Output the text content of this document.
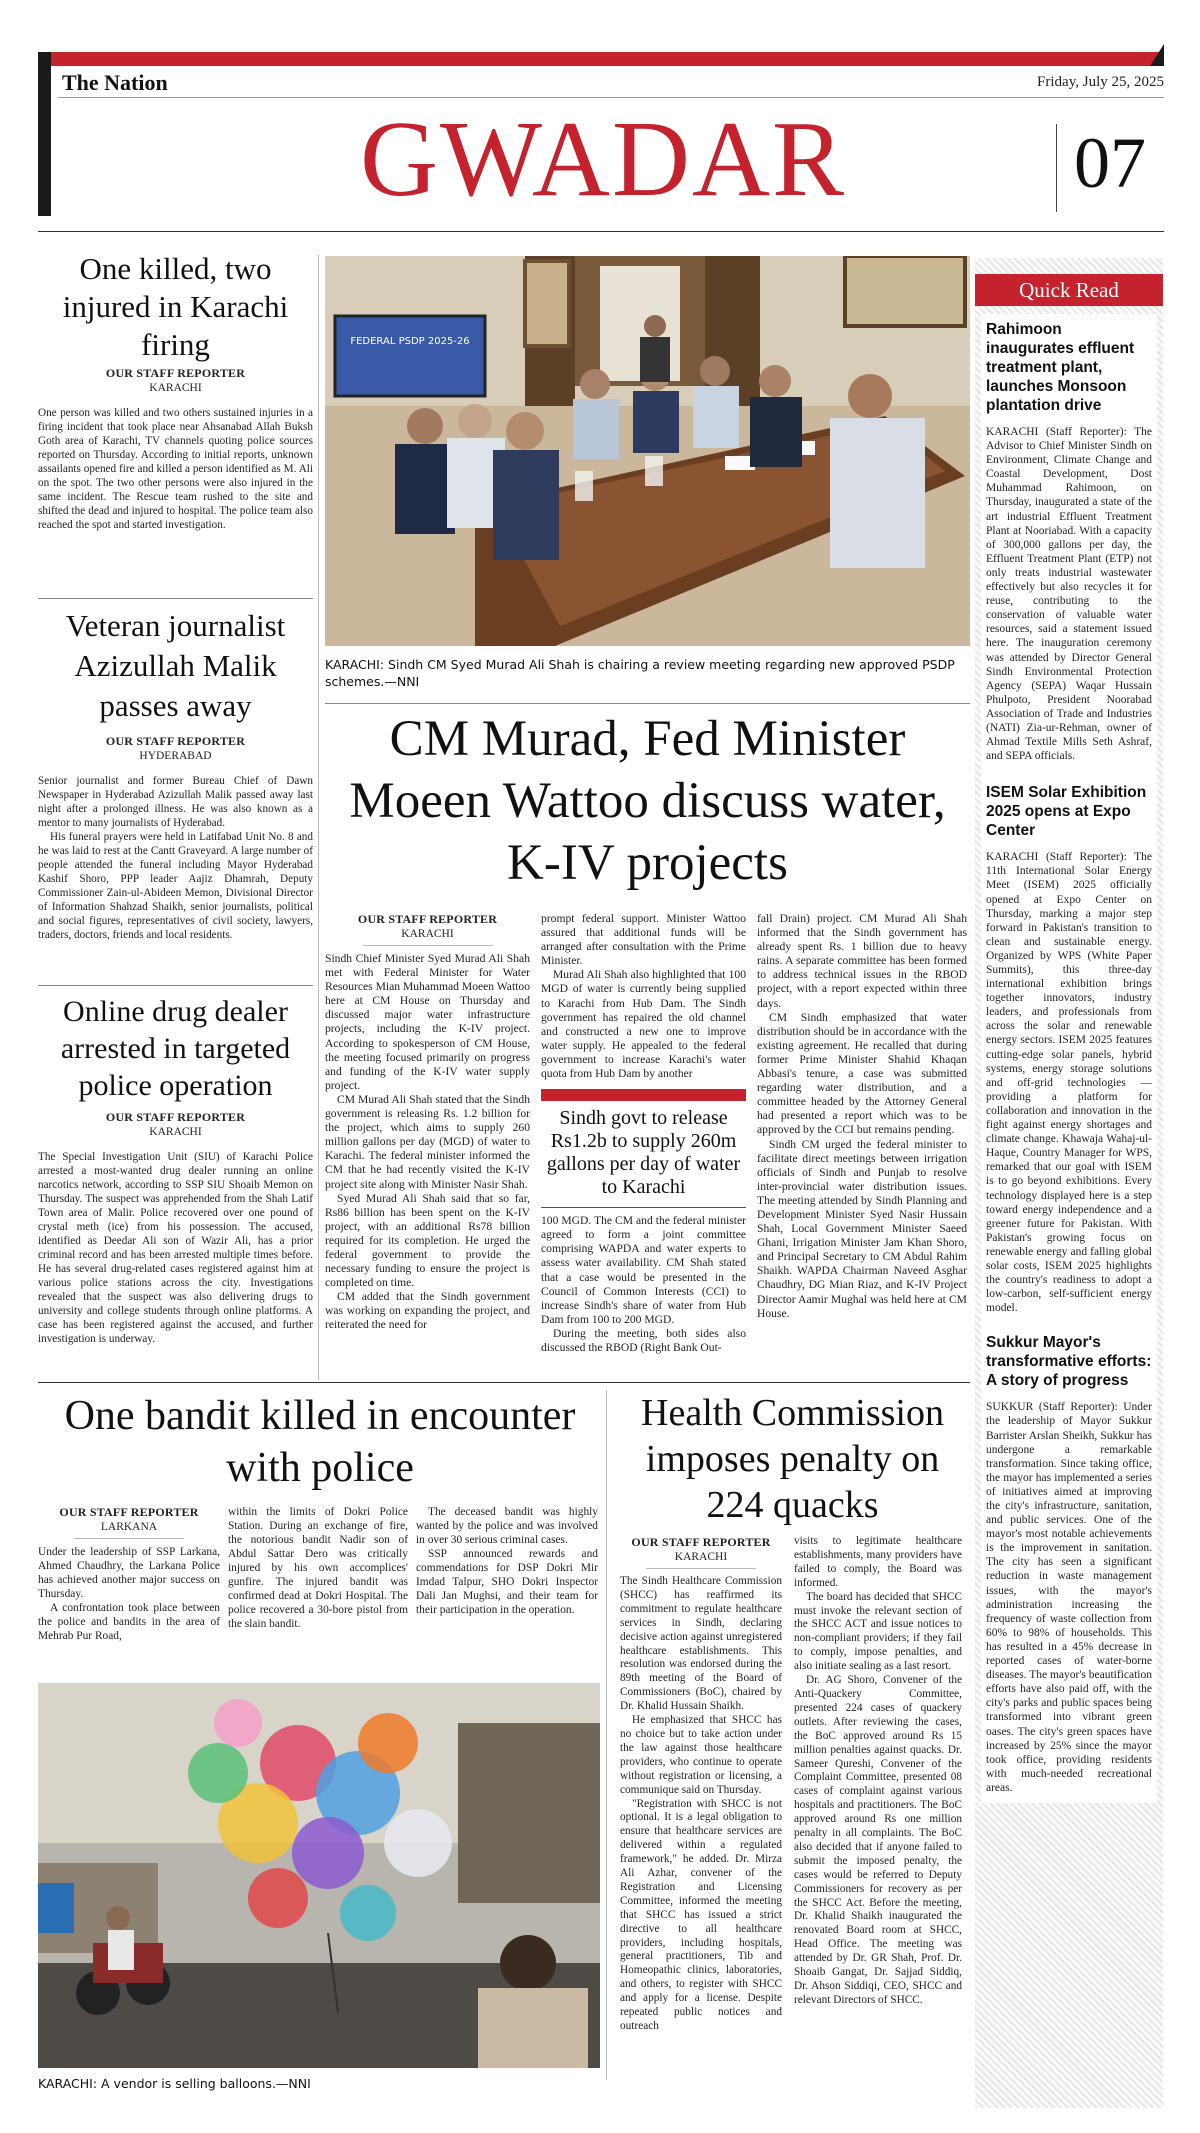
The Nation	Friday, July 25, 2025
GWADAR	07
One killed, two injured in Karachi firing
OUR STAFF REPORTER
KARACHI

One person was killed and two others sustained injuries in a firing incident that took place near Ahsanabad Allah Buksh Goth area of Karachi, TV channels quoting police sources reported on Thursday. According to initial reports, unknown assailants opened fire and killed a person identified as M. Ali on the spot. The two other persons were also injured in the same incident. The Rescue team rushed to the site and shifted the dead and injured to hospital. The police team also reached the spot and started investigation.

Veteran journalist Azizullah Malik passes away
OUR STAFF REPORTER
HYDERABAD

Senior journalist and former Bureau Chief of Dawn Newspaper in Hyderabad Azizullah Malik passed away last night after a prolonged illness. He was also known as a mentor to many journalists of Hyderabad.

His funeral prayers were held in Latifabad Unit No. 8 and he was laid to rest at the Cantt Graveyard. A large number of people attended the funeral including Mayor Hyderabad Kashif Shoro, PPP leader Aajiz Dhamrah, Deputy Commissioner Zain-ul-Abideen Memon, Divisional Director of Information Shahzad Shaikh, senior journalists, political and social figures, representatives of civil society, lawyers, traders, doctors, friends and local residents.

Online drug dealer arrested in targeted police operation
OUR STAFF REPORTER
KARACHI

The Special Investigation Unit (SIU) of Karachi Police arrested a most-wanted drug dealer running an online narcotics network, according to SSP SIU Shoaib Memon on Thursday. The suspect was apprehended from the Shah Latif Town area of Malir. Police recovered over one pound of crystal meth (ice) from his possession. The accused, identified as Deedar Ali son of Wazir Ali, has a prior criminal record and has been arrested multiple times before. He has several drug-related cases registered against him at various police stations across the city. Investigations revealed that the suspect was also delivering drugs to university and college students through online platforms. A case has been registered against the accused, and further investigation is underway.

FEDERAL PSDP 2025-26
KARACHI: Sindh CM Syed Murad Ali Shah is chairing a review meeting regarding new approved PSDP schemes.—NNI
CM Murad, Fed Minister Moeen Wattoo discuss water, K-IV projects
OUR STAFF REPORTER
KARACHI

Sindh Chief Minister Syed Murad Ali Shah met with Federal Minister for Water Resources Mian Muhammad Moeen Wattoo here at CM House on Thursday and discussed major water infrastructure projects, including the K-IV project. According to spokesperson of CM House, the meeting focused primarily on progress and funding of the K-IV water supply project.

CM Murad Ali Shah stated that the Sindh government is releasing Rs. 1.2 billion for the project, which aims to supply 260 million gallons per day (MGD) of water to Karachi. The federal minister informed the CM that he had recently visited the K-IV project site along with Minister Nasir Shah.

Syed Murad Ali Shah said that so far, Rs86 billion has been spent on the K-IV project, with an additional Rs78 billion required for its completion. He urged the federal government to provide the necessary funding to ensure the project is completed on time.

CM added that the Sindh government was working on expanding the project, and reiterated the need for

prompt federal support. Minister Wattoo assured that additional funds will be arranged after consultation with the Prime Minister.

Murad Ali Shah also highlighted that 100 MGD of water is currently being supplied to Karachi from Hub Dam. The Sindh government has repaired the old channel and constructed a new one to improve water supply. He appealed to the federal government to increase Karachi's water quota from Hub Dam by another

Sindh govt to release Rs1.2b to supply 260m gallons per day of water to Karachi

100 MGD. The CM and the federal minister agreed to form a joint committee comprising WAPDA and water experts to assess water availability. CM Shah stated that a case would be presented in the Council of Common Interests (CCI) to increase Sindh's share of water from Hub Dam from 100 to 200 MGD.

During the meeting, both sides also discussed the RBOD (Right Bank Out-

fall Drain) project. CM Murad Ali Shah informed that the Sindh government has already spent Rs. 1 billion due to heavy rains. A separate committee has been formed to address technical issues in the RBOD project, with a report expected within three days.

CM Sindh emphasized that water distribution should be in accordance with the existing agreement. He recalled that during former Prime Minister Shahid Khaqan Abbasi's tenure, a case was submitted regarding water distribution, and a committee headed by the Attorney General had presented a report which was to be approved by the CCI but remains pending.

Sindh CM urged the federal minister to facilitate direct meetings between irrigation officials of Sindh and Punjab to resolve inter-provincial water distribution issues. The meeting attended by Sindh Planning and Development Minister Syed Nasir Hussain Shah, Local Government Minister Saeed Ghani, Irrigation Minister Jam Khan Shoro, and Principal Secretary to CM Abdul Rahim Shaikh. WAPDA Chairman Naveed Asghar Chaudhry, DG Mian Riaz, and K-IV Project Director Aamir Mughal was held here at CM House.

One bandit killed in encounter with police
OUR STAFF REPORTER
LARKANA

Under the leadership of SSP Larkana, Ahmed Chaudhry, the Larkana Police has achieved another major success on Thursday.

A confrontation took place between the police and bandits in the area of Mehrab Pur Road,

within the limits of Dokri Police Station. During an exchange of fire, the notorious bandit Nadir son of Abdul Sattar Dero was critically injured by his own accomplices' gunfire. The injured bandit was confirmed dead at Dokri Hospital. The police recovered a 30-bore pistol from the slain bandit.

The deceased bandit was highly wanted by the police and was involved in over 30 serious criminal cases.

SSP announced rewards and commendations for DSP Dokri Mir Imdad Talpur, SHO Dokri Inspector Dali Jan Mughsi, and their team for their participation in the operation.

KARACHI: A vendor is selling balloons.—NNI
Health Commission imposes penalty on 224 quacks
OUR STAFF REPORTER
KARACHI

The Sindh Healthcare Commission (SHCC) has reaffirmed its commitment to regulate healthcare services in Sindh, declaring decisive action against unregistered healthcare establishments. This resolution was endorsed during the 89th meeting of the Board of Commissioners (BoC), chaired by Dr. Khalid Hussain Shaikh.

He emphasized that SHCC has no choice but to take action under the law against those healthcare providers, who continue to operate without registration or licensing, a communique said on Thursday.

"Registration with SHCC is not optional. It is a legal obligation to ensure that healthcare services are delivered within a regulated framework," he added. Dr. Mirza Ali Azhar, convener of the Registration and Licensing Committee, informed the meeting that SHCC has issued a strict directive to all healthcare providers, including hospitals, general practitioners, Tib and Homeopathic clinics, laboratories, and others, to register with SHCC and apply for a license. Despite repeated public notices and outreach

visits to legitimate healthcare establishments, many providers have failed to comply, the Board was informed.

The board has decided that SHCC must invoke the relevant section of the SHCC ACT and issue notices to non-compliant providers; if they fail to comply, impose penalties, and also initiate sealing as a last resort.

Dr. AG Shoro, Convener of the Anti-Quackery Committee, presented 224 cases of quackery outlets. After reviewing the cases, the BoC approved around Rs 15 million penalties against quacks. Dr. Sameer Qureshi, Convener of the Complaint Committee, presented 08 cases of complaint against various hospitals and practitioners. The BoC approved around Rs one million penalty in all complaints. The BoC also decided that if anyone failed to submit the imposed penalty, the cases would be referred to Deputy Commissioners for recovery as per the SHCC Act. Before the meeting, Dr. Khalid Shaikh inaugurated the renovated Board room at SHCC, Head Office. The meeting was attended by Dr. GR Shah, Prof. Dr. Shoaib Gangat, Dr. Sajjad Siddiq, Dr. Ahson Siddiqi, CEO, SHCC and relevant Directors of SHCC.

Quick Read
Rahimoon inaugurates effluent treatment plant, launches Monsoon plantation drive
KARACHI (Staff Reporter): The Advisor to Chief Minister Sindh on Environment, Climate Change and Coastal Development, Dost Muhammad Rahimoon, on Thursday, inaugurated a state of the art industrial Effluent Treatment Plant at Nooriabad. With a capacity of 300,000 gallons per day, the Effluent Treatment Plant (ETP) not only treats industrial wastewater effectively but also recycles it for reuse, contributing to the conservation of valuable water resources, said a statement issued here. The inauguration ceremony was attended by Director General Sindh Environmental Protection Agency (SEPA) Waqar Hussain Phulpoto, President Noorabad Association of Trade and Industries (NATI) Zia-ur-Rehman, owner of Ahmad Textile Mills Seth Ashraf, and SEPA officials.
ISEM Solar Exhibition 2025 opens at Expo Center
KARACHI (Staff Reporter): The 11th International Solar Energy Meet (ISEM) 2025 officially opened at Expo Center on Thursday, marking a major step forward in Pakistan's transition to clean and sustainable energy. Organized by WPS (White Paper Summits), this three-day international exhibition brings together innovators, industry leaders, and professionals from across the solar and renewable energy sectors. ISEM 2025 features cutting-edge solar panels, hybrid systems, energy storage solutions and off-grid technologies — providing a platform for collaboration and innovation in the fight against energy shortages and climate change. Khawaja Wahaj-ul-Haque, Country Manager for WPS, remarked that our goal with ISEM is to go beyond exhibitions. Every technology displayed here is a step toward energy independence and a greener future for Pakistan. With Pakistan's growing focus on renewable energy and falling global solar costs, ISEM 2025 highlights the country's readiness to adopt a low-carbon, self-sufficient energy model.
Sukkur Mayor's transformative efforts: A story of progress
SUKKUR (Staff Reporter): Under the leadership of Mayor Sukkur Barrister Arslan Sheikh, Sukkur has undergone a remarkable transformation. Since taking office, the mayor has implemented a series of initiatives aimed at improving the city's infrastructure, sanitation, and public services. One of the mayor's most notable achievements is the improvement in sanitation. The city has seen a significant reduction in waste management issues, with the mayor's administration increasing the frequency of waste collection from 60% to 98% of households. This has resulted in a 45% decrease in reported cases of water-borne diseases. The mayor's beautification efforts have also paid off, with the city's parks and public spaces being transformed into vibrant green oases. The city's green spaces have increased by 25% since the mayor took office, providing residents with much-needed recreational areas.
